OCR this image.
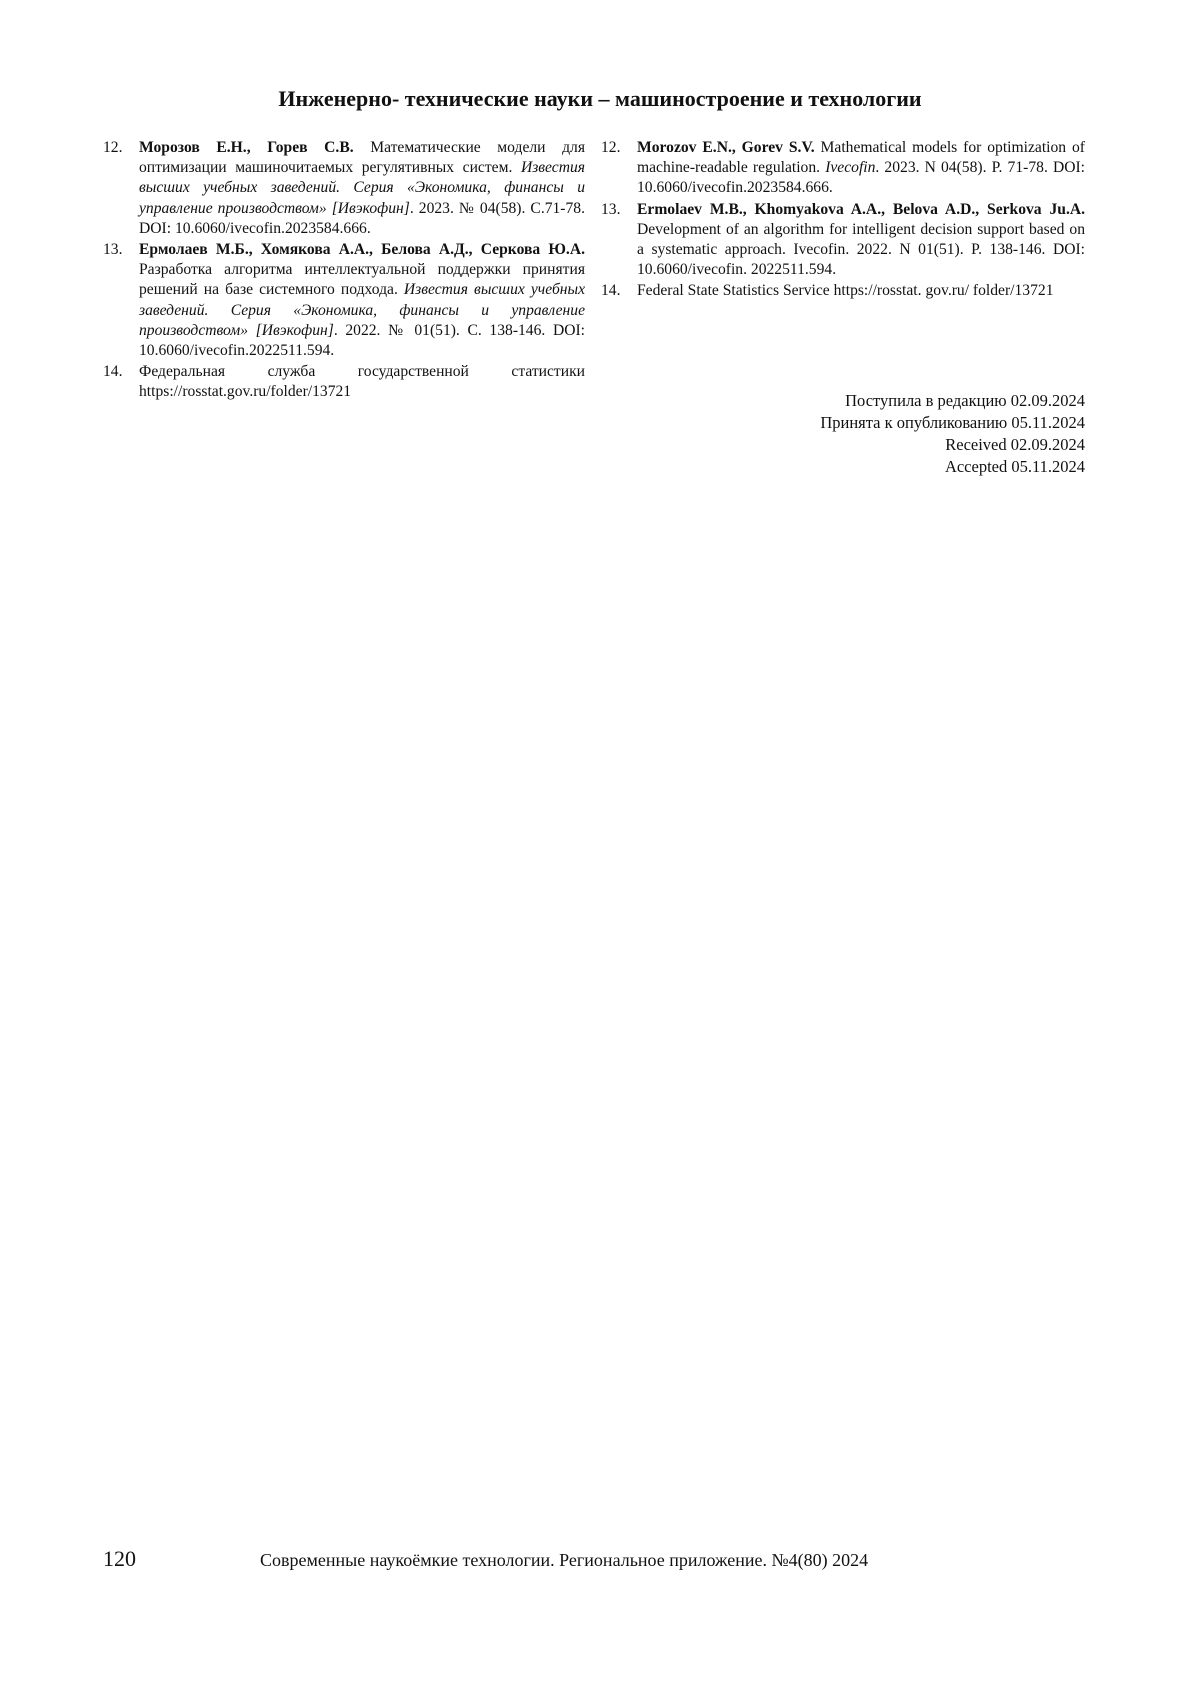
Инженерно- технические науки – машиностроение и технологии
12.	Морозов Е.Н., Горев С.В. Математические модели для оптимизации машиночитаемых регулятивных систем. Известия высших учебных заведений. Серия «Экономика, финансы и управление производством» [Ивэкофин]. 2023. № 04(58). С.71-78. DOI: 10.6060/ivecofin.2023584.666.
13.	Ермолаев М.Б., Хомякова А.А., Белова А.Д., Серкова Ю.А. Разработка алгоритма интеллектуальной поддержки принятия решений на базе системного подхода. Известия высших учебных заведений. Серия «Экономика, финансы и управление производством» [Ивэкофин]. 2022. № 01(51). С. 138-146. DOI: 10.6060/ivecofin.2022511.594.
14.	Федеральная служба государственной статистики https://rosstat.gov.ru/folder/13721
12.	Morozov E.N., Gorev S.V. Mathematical models for optimization of machine-readable regulation. Ivecofin. 2023. N 04(58). P. 71-78. DOI: 10.6060/ivecofin.2023584.666.
13.	Ermolaev M.B., Khomyakova A.A., Belova A.D., Serkova Ju.A. Development of an algorithm for intelligent decision support based on a systematic approach. Ivecofin. 2022. N 01(51). P. 138-146. DOI: 10.6060/ivecofin. 2022511.594.
14.	Federal State Statistics Service https://rosstat. gov.ru/ folder/13721
Поступила в редакцию 02.09.2024
Принята к опубликованию 05.11.2024
Received 02.09.2024
Accepted 05.11.2024
120	Современные наукоёмкие технологии. Региональное приложение. №4(80) 2024
